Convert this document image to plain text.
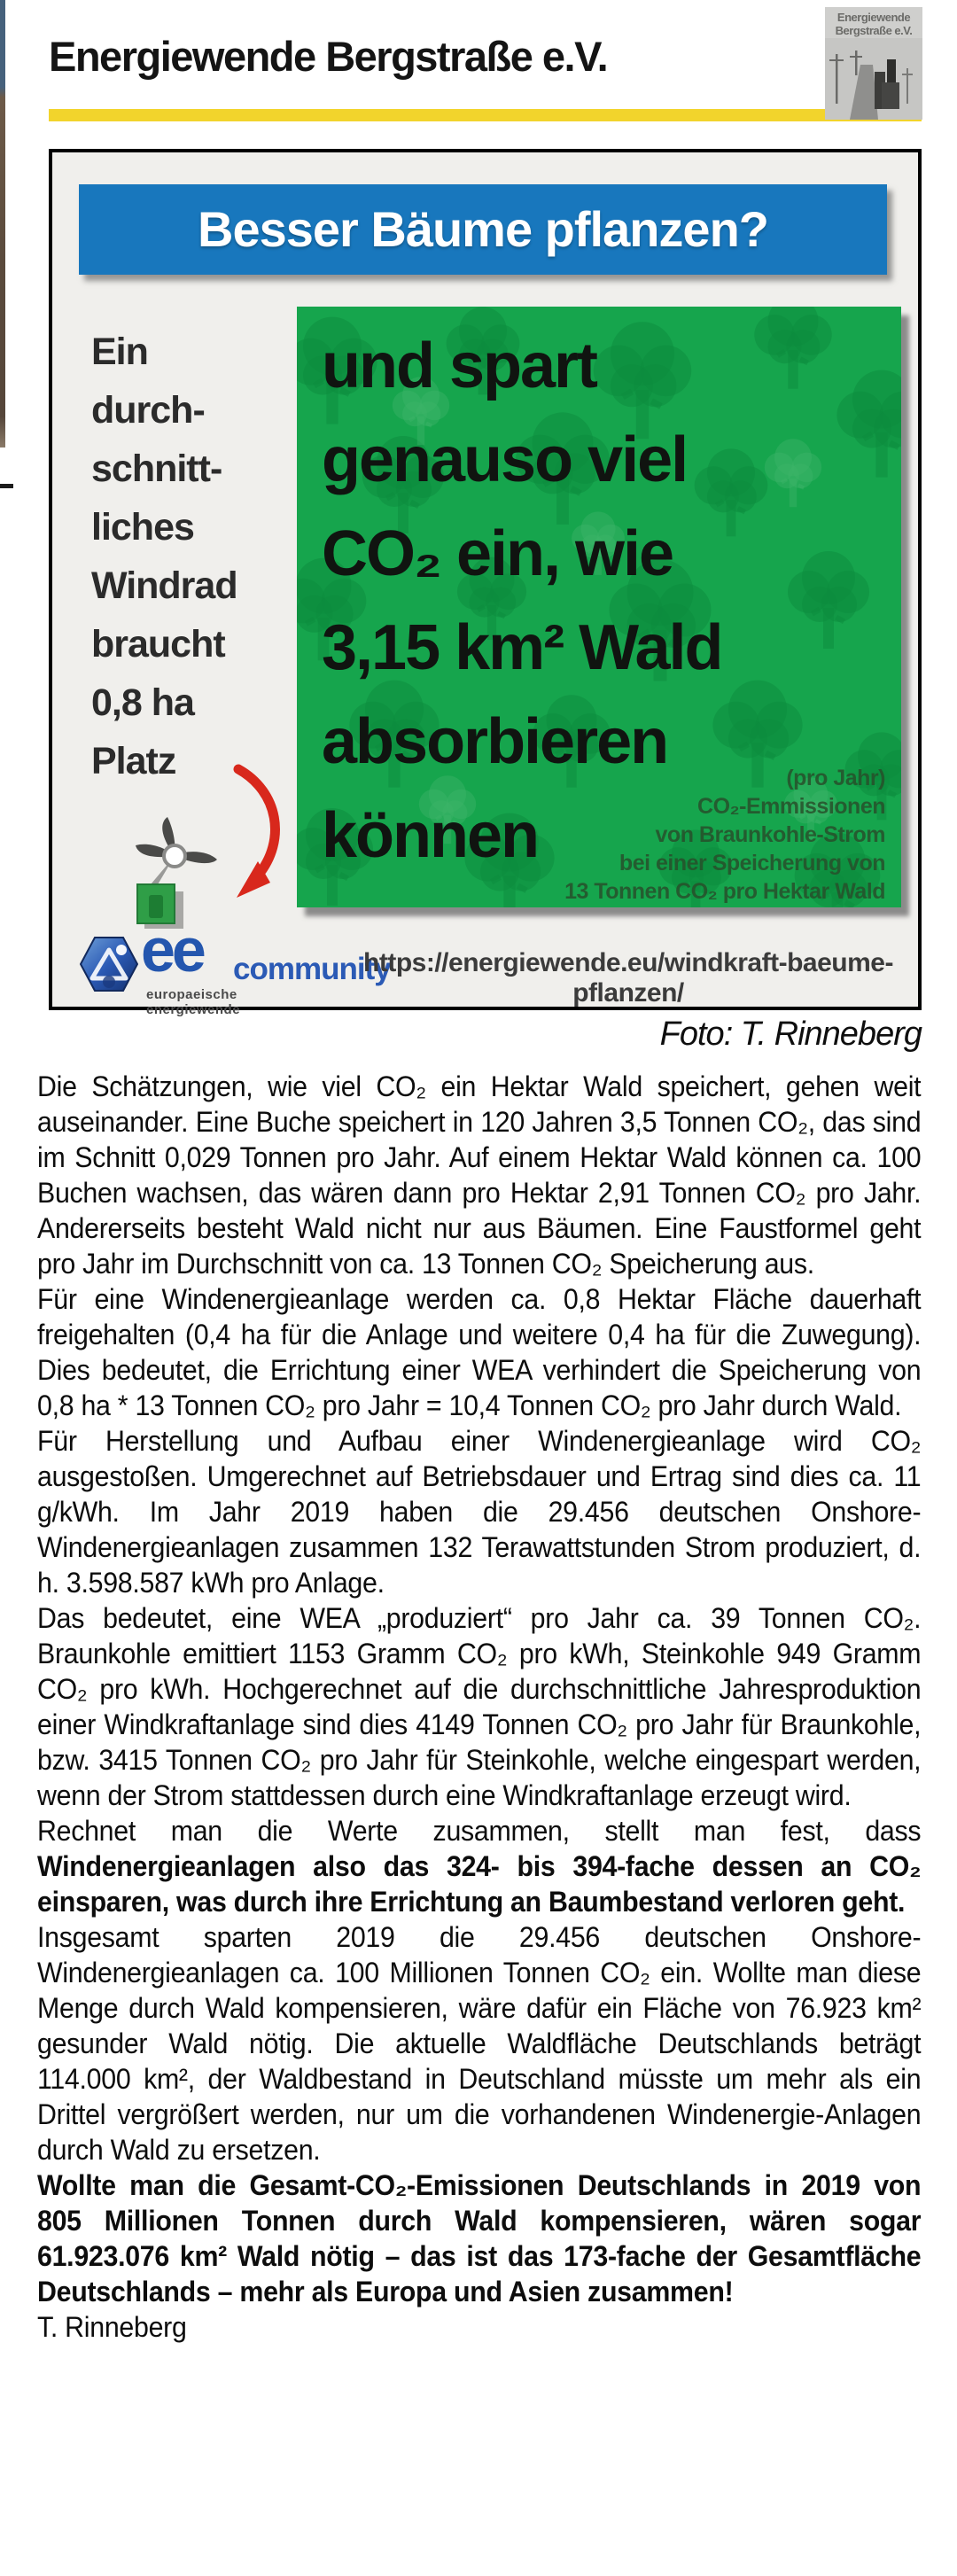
Energiewende Bergstraße e.V.
Energiewende
Bergstraße e.V.
Besser Bäume pflanzen?
Ein
durch-
schnitt-
liches
Windrad
braucht
0,8 ha
Platz
und spart
genauso viel
CO₂ ein, wie
3,15 km² Wald
absorbieren
können
(pro Jahr)
CO₂-Emmissionen
von Braunkohle-Strom
bei einer Speicherung von
13 Tonnen CO₂ pro Hektar Wald
ee community
europaeische energiewende
https://energiewende.eu/windkraft-baeume-pflanzen/
Foto: T. Rinneberg

Die Schätzungen, wie viel CO₂ ein Hektar Wald speichert, gehen weit auseinander. Eine Buche speichert in 120 Jahren 3,5 Tonnen CO₂, das sind im Schnitt 0,029 Tonnen pro Jahr. Auf einem Hektar Wald können ca. 100 Buchen wachsen, das wären dann pro Hektar 2,91 Tonnen CO₂ pro Jahr. Andererseits besteht Wald nicht nur aus Bäumen. Eine Faustformel geht pro Jahr im Durchschnitt von ca. 13 Tonnen CO₂ Speicherung aus.

Für eine Windenergieanlage werden ca. 0,8 Hektar Fläche dauerhaft freigehalten (0,4 ha für die Anlage und weitere 0,4 ha für die Zuwegung). Dies bedeutet, die Errichtung einer WEA verhindert die Speicherung von 0,8 ha * 13 Tonnen CO₂ pro Jahr = 10,4 Tonnen CO₂ pro Jahr durch Wald.

Für Herstellung und Aufbau einer Windenergieanlage wird CO₂ ausgestoßen. Umgerechnet auf Betriebsdauer und Ertrag sind dies ca. 11 g/kWh. Im Jahr 2019 haben die 29.456 deutschen Onshore-Windenergieanlagen zusammen 132 Terawattstunden Strom produziert, d. h. 3.598.587 kWh pro Anlage.

Das bedeutet, eine WEA „produziert“ pro Jahr ca. 39 Tonnen CO₂. Braunkohle emittiert 1153 Gramm CO₂ pro kWh, Steinkohle 949 Gramm CO₂ pro kWh. Hochgerechnet auf die durchschnittliche Jahresproduktion einer Windkraftanlage sind dies 4149 Tonnen CO₂ pro Jahr für Braunkohle, bzw. 3415 Tonnen CO₂ pro Jahr für Steinkohle, welche eingespart werden, wenn der Strom stattdessen durch eine Windkraftanlage erzeugt wird.

Rechnet man die Werte zusammen, stellt man fest, dass Windenergieanlagen also das 324- bis 394-fache dessen an CO₂ einsparen, was durch ihre Errichtung an Baumbestand verloren geht.

Insgesamt sparten 2019 die 29.456 deutschen Onshore-Windenergieanlagen ca. 100 Millionen Tonnen CO₂ ein. Wollte man diese Menge durch Wald kompensieren, wäre dafür ein Fläche von 76.923 km² gesunder Wald nötig. Die aktuelle Waldfläche Deutschlands beträgt 114.000 km², der Waldbestand in Deutschland müsste um mehr als ein Drittel vergrößert werden, nur um die vorhandenen Windenergie-Anlagen durch Wald zu ersetzen.

Wollte man die Gesamt-CO₂-Emissionen Deutschlands in 2019 von 805 Millionen Tonnen durch Wald kompensieren, wären sogar 61.923.076 km² Wald nötig – das ist das 173-fache der Gesamtfläche Deutschlands – mehr als Europa und Asien zusammen!

T. Rinneberg
